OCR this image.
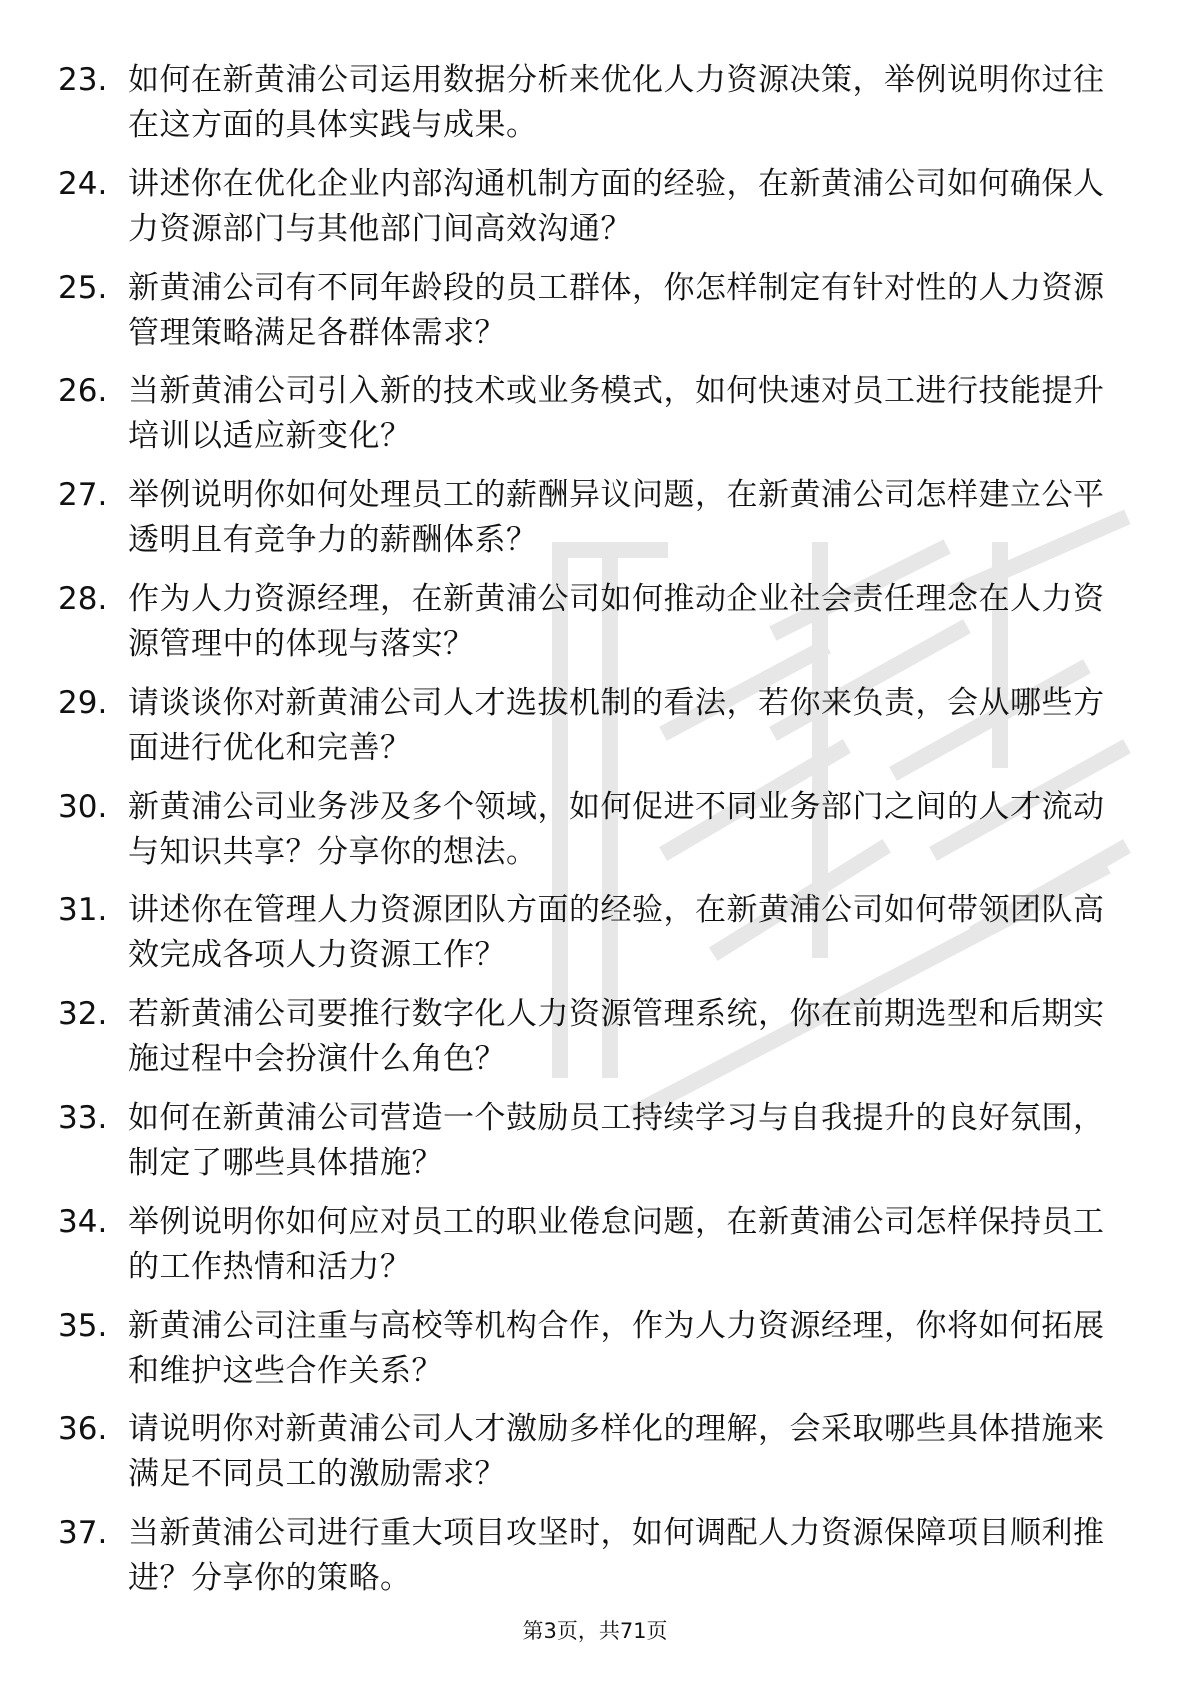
23. 如何在新黄浦公司运用数据分析来优化人力资源决策，举例说明你过往在这方面的具体实践与成果。
24. 讲述你在优化企业内部沟通机制方面的经验，在新黄浦公司如何确保人力资源部门与其他部门间高效沟通？
25. 新黄浦公司有不同年龄段的员工群体，你怎样制定有针对性的人力资源管理策略满足各群体需求？
26. 当新黄浦公司引入新的技术或业务模式，如何快速对员工进行技能提升培训以适应新变化？
27. 举例说明你如何处理员工的薪酬异议问题，在新黄浦公司怎样建立公平透明且有竞争力的薪酬体系？
28. 作为人力资源经理，在新黄浦公司如何推动企业社会责任理念在人力资源管理中的体现与落实？
29. 请谈谈你对新黄浦公司人才选拔机制的看法，若你来负责，会从哪些方面进行优化和完善？
30. 新黄浦公司业务涉及多个领域，如何促进不同业务部门之间的人才流动与知识共享？分享你的想法。
31. 讲述你在管理人力资源团队方面的经验，在新黄浦公司如何带领团队高效完成各项人力资源工作？
32. 若新黄浦公司要推行数字化人力资源管理系统，你在前期选型和后期实施过程中会扮演什么角色？
33. 如何在新黄浦公司营造一个鼓励员工持续学习与自我提升的良好氛围，制定了哪些具体措施？
34. 举例说明你如何应对员工的职业倦怠问题，在新黄浦公司怎样保持员工的工作热情和活力？
35. 新黄浦公司注重与高校等机构合作，作为人力资源经理，你将如何拓展和维护这些合作关系？
36. 请说明你对新黄浦公司人才激励多样化的理解，会采取哪些具体措施来满足不同员工的激励需求？
37. 当新黄浦公司进行重大项目攻坚时，如何调配人力资源保障项目顺利推进？分享你的策略。
第3页，共71页
